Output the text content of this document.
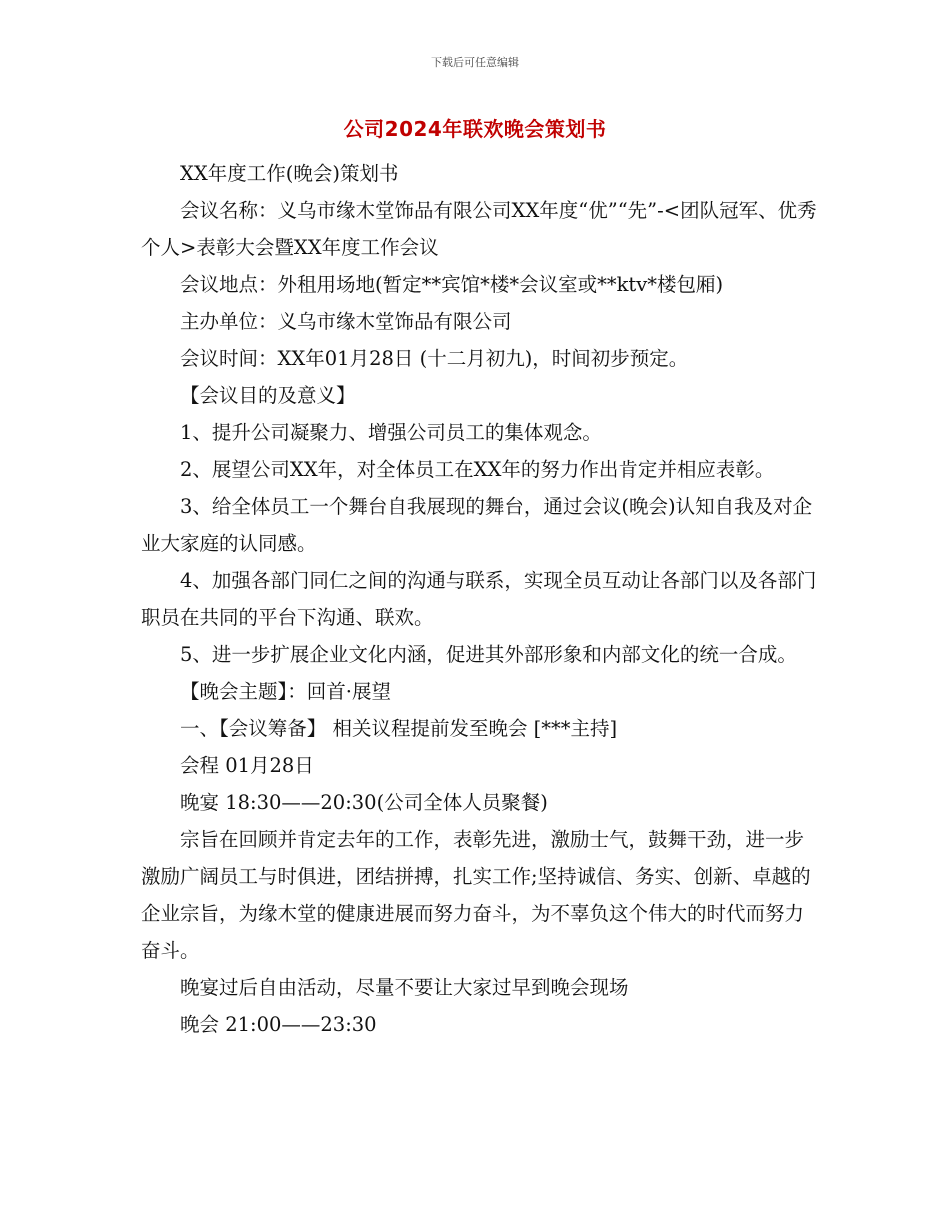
下载后可任意编辑
公司2024年联欢晚会策划书

XX年度工作(晚会)策划书

会议名称：义乌市缘木堂饰品有限公司XX年度“优”“先”-<团队冠军、优秀个人>表彰大会暨XX年度工作会议

会议地点：外租用场地(暂定**宾馆*楼*会议室或**ktv*楼包厢)

主办单位：义乌市缘木堂饰品有限公司

会议时间：XX年01月28日 (十二月初九)，时间初步预定。

【会议目的及意义】

1、提升公司凝聚力、增强公司员工的集体观念。

2、展望公司XX年，对全体员工在XX年的努力作出肯定并相应表彰。

3、给全体员工一个舞台自我展现的舞台，通过会议(晚会)认知自我及对企业大家庭的认同感。

4、加强各部门同仁之间的沟通与联系，实现全员互动让各部门以及各部门职员在共同的平台下沟通、联欢。

5、进一步扩展企业文化内涵，促进其外部形象和内部文化的统一合成。

【晚会主题】：回首·展望

一、【会议筹备】 相关议程提前发至晚会 [***主持]

会程 01月28日

晚宴 18:30——20:30(公司全体人员聚餐)

宗旨在回顾并肯定去年的工作，表彰先进，激励士气，鼓舞干劲，进一步激励广阔员工与时俱进，团结拼搏，扎实工作;坚持诚信、务实、创新、卓越的企业宗旨，为缘木堂的健康进展而努力奋斗，为不辜负这个伟大的时代而努力奋斗。

晚宴过后自由活动，尽量不要让大家过早到晚会现场

晚会 21:00——23:30
